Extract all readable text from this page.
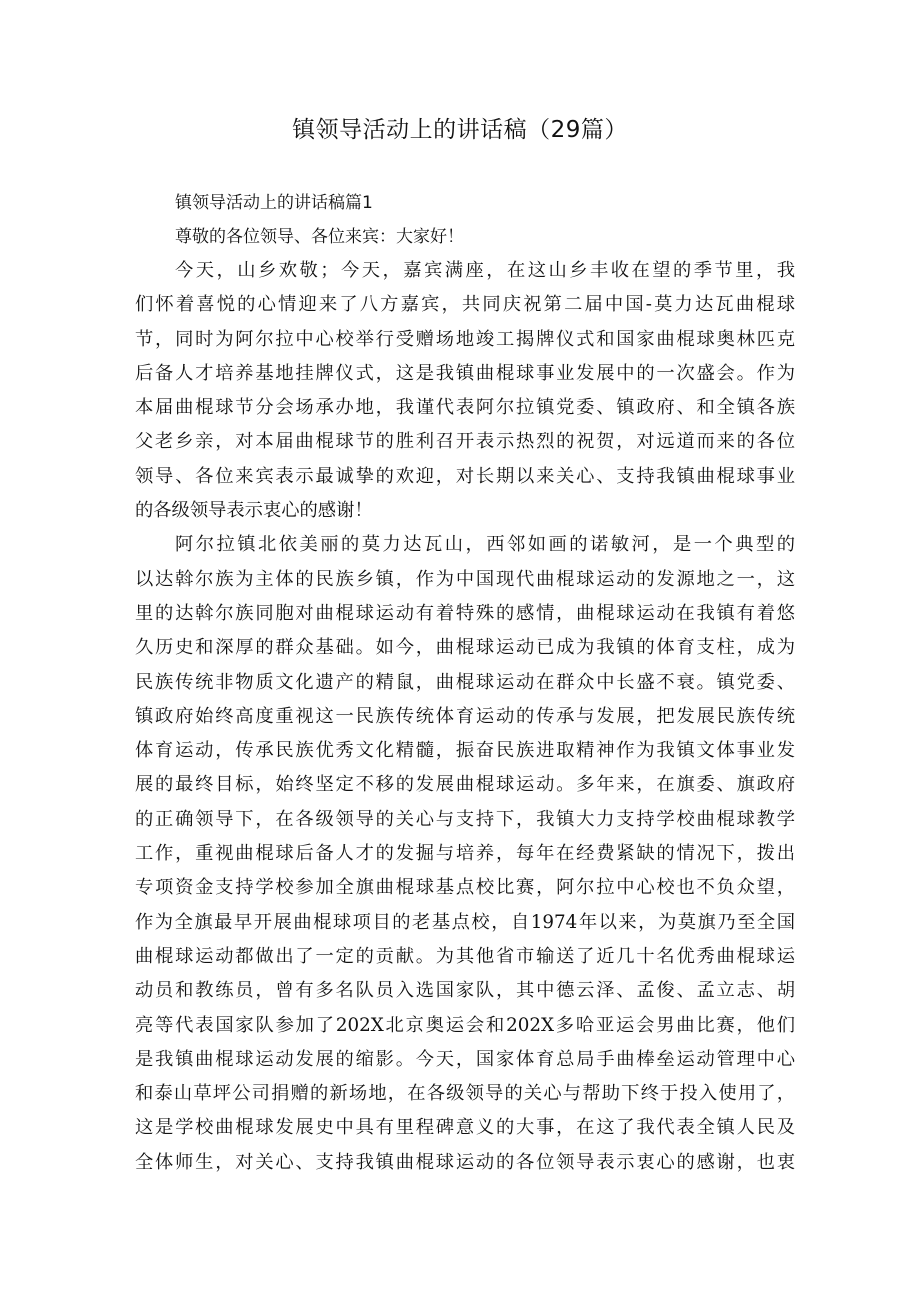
镇领导活动上的讲话稿（29篇）

镇领导活动上的讲话稿篇1

尊敬的各位领导、各位来宾：大家好！

今天，山乡欢敬；今天，嘉宾满座，在这山乡丰收在望的季节里，我
们怀着喜悦的心情迎来了八方嘉宾，共同庆祝第二届中国-莫力达瓦曲棍球
节，同时为阿尔拉中心校举行受赠场地竣工揭牌仪式和国家曲棍球奥林匹克
后备人才培养基地挂牌仪式，这是我镇曲棍球事业发展中的一次盛会。作为
本届曲棍球节分会场承办地，我谨代表阿尔拉镇党委、镇政府、和全镇各族
父老乡亲，对本届曲棍球节的胜利召开表示热烈的祝贺，对远道而来的各位
领导、各位来宾表示最诚挚的欢迎，对长期以来关心、支持我镇曲棍球事业
的各级领导表示衷心的感谢！
阿尔拉镇北依美丽的莫力达瓦山，西邻如画的诺敏河，是一个典型的
以达斡尔族为主体的民族乡镇，作为中国现代曲棍球运动的发源地之一，这
里的达斡尔族同胞对曲棍球运动有着特殊的感情，曲棍球运动在我镇有着悠
久历史和深厚的群众基础。如今，曲棍球运动已成为我镇的体育支柱，成为
民族传统非物质文化遗产的精鼠，曲棍球运动在群众中长盛不衰。镇党委、
镇政府始终高度重视这一民族传统体育运动的传承与发展，把发展民族传统
体育运动，传承民族优秀文化精髓，振奋民族进取精神作为我镇文体事业发
展的最终目标，始终坚定不移的发展曲棍球运动。多年来，在旗委、旗政府
的正确领导下，在各级领导的关心与支持下，我镇大力支持学校曲棍球教学
工作，重视曲棍球后备人才的发掘与培养，每年在经费紧缺的情况下，拨出
专项资金支持学校参加全旗曲棍球基点校比赛，阿尔拉中心校也不负众望，
作为全旗最早开展曲棍球项目的老基点校，自1974年以来，为莫旗乃至全国
曲棍球运动都做出了一定的贡献。为其他省市输送了近几十名优秀曲棍球运
动员和教练员，曾有多名队员入选国家队，其中德云泽、孟俊、孟立志、胡
亮等代表国家队参加了202X北京奥运会和202X多哈亚运会男曲比赛，他们
是我镇曲棍球运动发展的缩影。今天，国家体育总局手曲棒垒运动管理中心
和泰山草坪公司捐赠的新场地，在各级领导的关心与帮助下终于投入使用了，
这是学校曲棍球发展史中具有里程碑意义的大事，在这了我代表全镇人民及
全体师生，对关心、支持我镇曲棍球运动的各位领导表示衷心的感谢，也衷
